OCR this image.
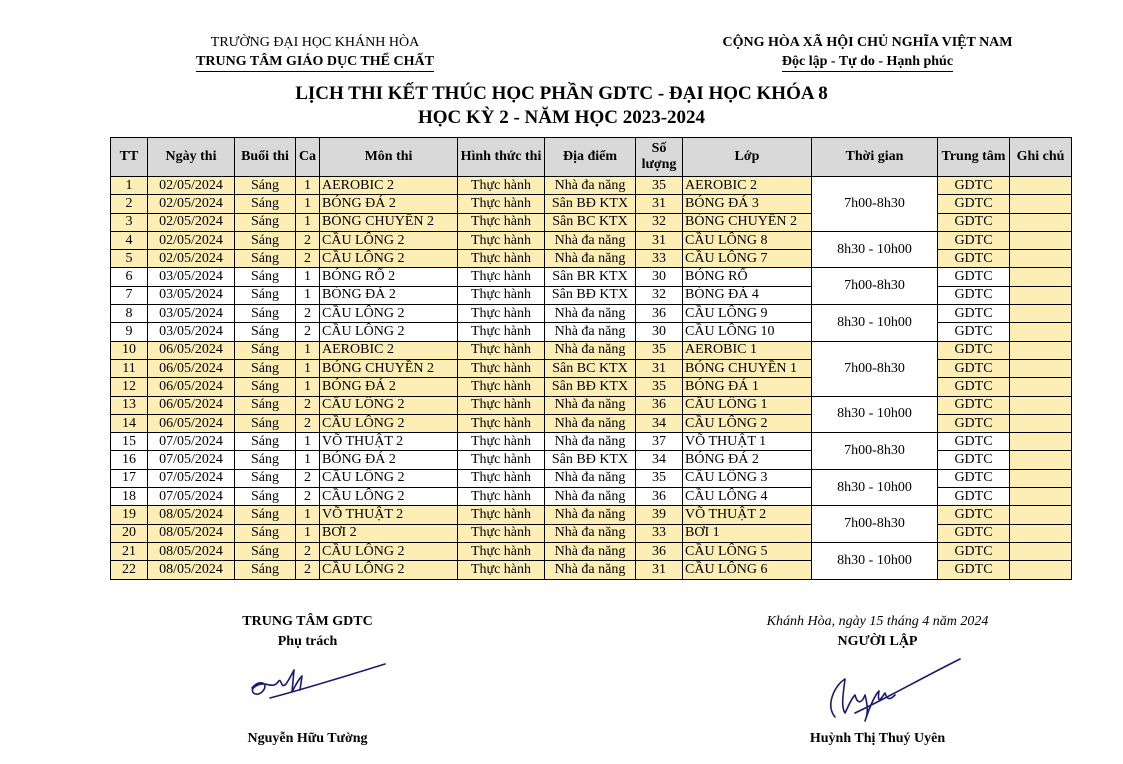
TRƯỜNG ĐẠI HỌC KHÁNH HÒA
TRUNG TÂM GIÁO DỤC THỂ CHẤT
CỘNG HÒA XÃ HỘI CHỦ NGHĨA VIỆT NAM
Độc lập - Tự do - Hạnh phúc
LỊCH THI KẾT THÚC HỌC PHẦN GDTC - ĐẠI HỌC KHÓA 8
HỌC KỲ 2 - NĂM HỌC 2023-2024
TT	Ngày thi	Buổi thi	Ca	Môn thi	Hình thức thi	Địa điểm	Số lượng	Lớp	Thời gian	Trung tâm	Ghi chú
1	02/05/2024	Sáng	1	AEROBIC 2	Thực hành	Nhà đa năng	35	AEROBIC 2	7h00-8h30	GDTC	
2	02/05/2024	Sáng	1	BÓNG ĐÁ 2	Thực hành	Sân BĐ KTX	31	BÓNG ĐÁ 3		GDTC	
3	02/05/2024	Sáng	1	BÓNG CHUYỀN 2	Thực hành	Sân BC KTX	32	BÓNG CHUYỀN 2		GDTC	
4	02/05/2024	Sáng	2	CẦU LÔNG 2	Thực hành	Nhà đa năng	31	CẦU LÔNG 8	8h30 - 10h00	GDTC	
5	02/05/2024	Sáng	2	CẦU LÔNG 2	Thực hành	Nhà đa năng	33	CẦU LÔNG 7		GDTC	
6	03/05/2024	Sáng	1	BÓNG RỔ 2	Thực hành	Sân BR KTX	30	BÓNG RỔ	7h00-8h30	GDTC	
7	03/05/2024	Sáng	1	BÓNG ĐÁ 2	Thực hành	Sân BĐ KTX	32	BÓNG ĐÁ 4		GDTC	
8	03/05/2024	Sáng	2	CẦU LÔNG 2	Thực hành	Nhà đa năng	36	CẦU LÔNG 9	8h30 - 10h00	GDTC	
9	03/05/2024	Sáng	2	CẦU LÔNG 2	Thực hành	Nhà đa năng	30	CẦU LÔNG 10		GDTC	
10	06/05/2024	Sáng	1	AEROBIC 2	Thực hành	Nhà đa năng	35	AEROBIC 1	7h00-8h30	GDTC	
11	06/05/2024	Sáng	1	BÓNG CHUYỀN 2	Thực hành	Sân BC KTX	31	BÓNG CHUYỀN 1		GDTC	
12	06/05/2024	Sáng	1	BÓNG ĐÁ 2	Thực hành	Sân BĐ KTX	35	BÓNG ĐÁ 1		GDTC	
13	06/05/2024	Sáng	2	CẦU LÔNG 2	Thực hành	Nhà đa năng	36	CẦU LÔNG 1	8h30 - 10h00	GDTC	
14	06/05/2024	Sáng	2	CẦU LÔNG 2	Thực hành	Nhà đa năng	34	CẦU LÔNG 2		GDTC	
15	07/05/2024	Sáng	1	VÕ THUẬT 2	Thực hành	Nhà đa năng	37	VÕ THUẬT 1	7h00-8h30	GDTC	
16	07/05/2024	Sáng	1	BÓNG ĐÁ 2	Thực hành	Sân BĐ KTX	34	BÓNG ĐÁ 2		GDTC	
17	07/05/2024	Sáng	2	CẦU LÔNG 2	Thực hành	Nhà đa năng	35	CẦU LÔNG 3	8h30 - 10h00	GDTC	
18	07/05/2024	Sáng	2	CẦU LÔNG 2	Thực hành	Nhà đa năng	36	CẦU LÔNG 4		GDTC	
19	08/05/2024	Sáng	1	VÕ THUẬT 2	Thực hành	Nhà đa năng	39	VÕ THUẬT 2	7h00-8h30	GDTC	
20	08/05/2024	Sáng	1	BƠI 2	Thực hành	Nhà đa năng	33	BƠI 1		GDTC	
21	08/05/2024	Sáng	2	CẦU LÔNG 2	Thực hành	Nhà đa năng	36	CẦU LÔNG 5	8h30 - 10h00	GDTC	
22	08/05/2024	Sáng	2	CẦU LÔNG 2	Thực hành	Nhà đa năng	31	CẦU LÔNG 6		GDTC	
TRUNG TÂM GDTC
Phụ trách
Nguyễn Hữu Tường
Khánh Hòa, ngày 15 tháng 4 năm 2024
NGƯỜI LẬP
Huỳnh Thị Thuý Uyên
